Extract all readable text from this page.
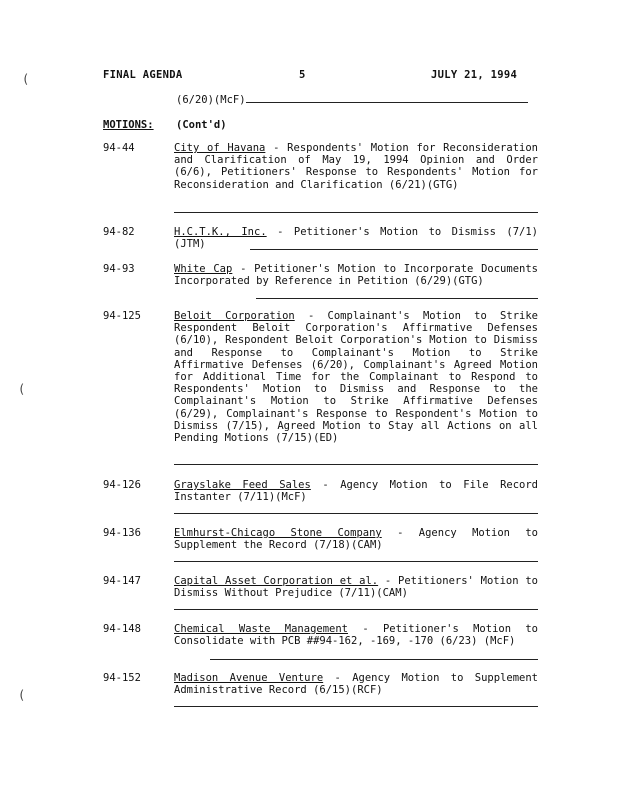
(
(
(
FINAL AGENDA	5	JULY 21, 1994
(6/20)(McF)
MOTIONS: (Cont'd)
94-44	City of Havana - Respondents' Motion for Reconsideration and Clarification of May 19, 1994 Opinion and Order (6/6), Petitioners' Response to Respondents' Motion for Reconsideration and Clarification (6/21)(GTG)
94-82	H.C.T.K., Inc. - Petitioner's Motion to Dismiss (7/1)(JTM)
94-93	White Cap - Petitioner's Motion to Incorporate Documents Incorporated by Reference in Petition (6/29)(GTG)
94-125	Beloit Corporation - Complainant's Motion to Strike Respondent Beloit Corporation's Affirmative Defenses (6/10), Respondent Beloit Corporation's Motion to Dismiss and Response to Complainant's Motion to Strike Affirmative Defenses (6/20), Complainant's Agreed Motion for Additional Time for the Complainant to Respond to Respondents' Motion to Dismiss and Response to the Complainant's Motion to Strike Affirmative Defenses (6/29), Complainant's Response to Respondent's Motion to Dismiss (7/15), Agreed Motion to Stay all Actions on all Pending Motions (7/15)(ED)
94-126	Grayslake Feed Sales - Agency Motion to File Record Instanter (7/11)(McF)
94-136	Elmhurst-Chicago Stone Company - Agency Motion to Supplement the Record (7/18)(CAM)
94-147	Capital Asset Corporation et al. - Petitioners' Motion to Dismiss Without Prejudice (7/11)(CAM)
94-148	Chemical Waste Management - Petitioner's Motion to Consolidate with PCB ##94-162, -169, -170 (6/23) (McF)
94-152	Madison Avenue Venture - Agency Motion to Supplement Administrative Record (6/15)(RCF)
